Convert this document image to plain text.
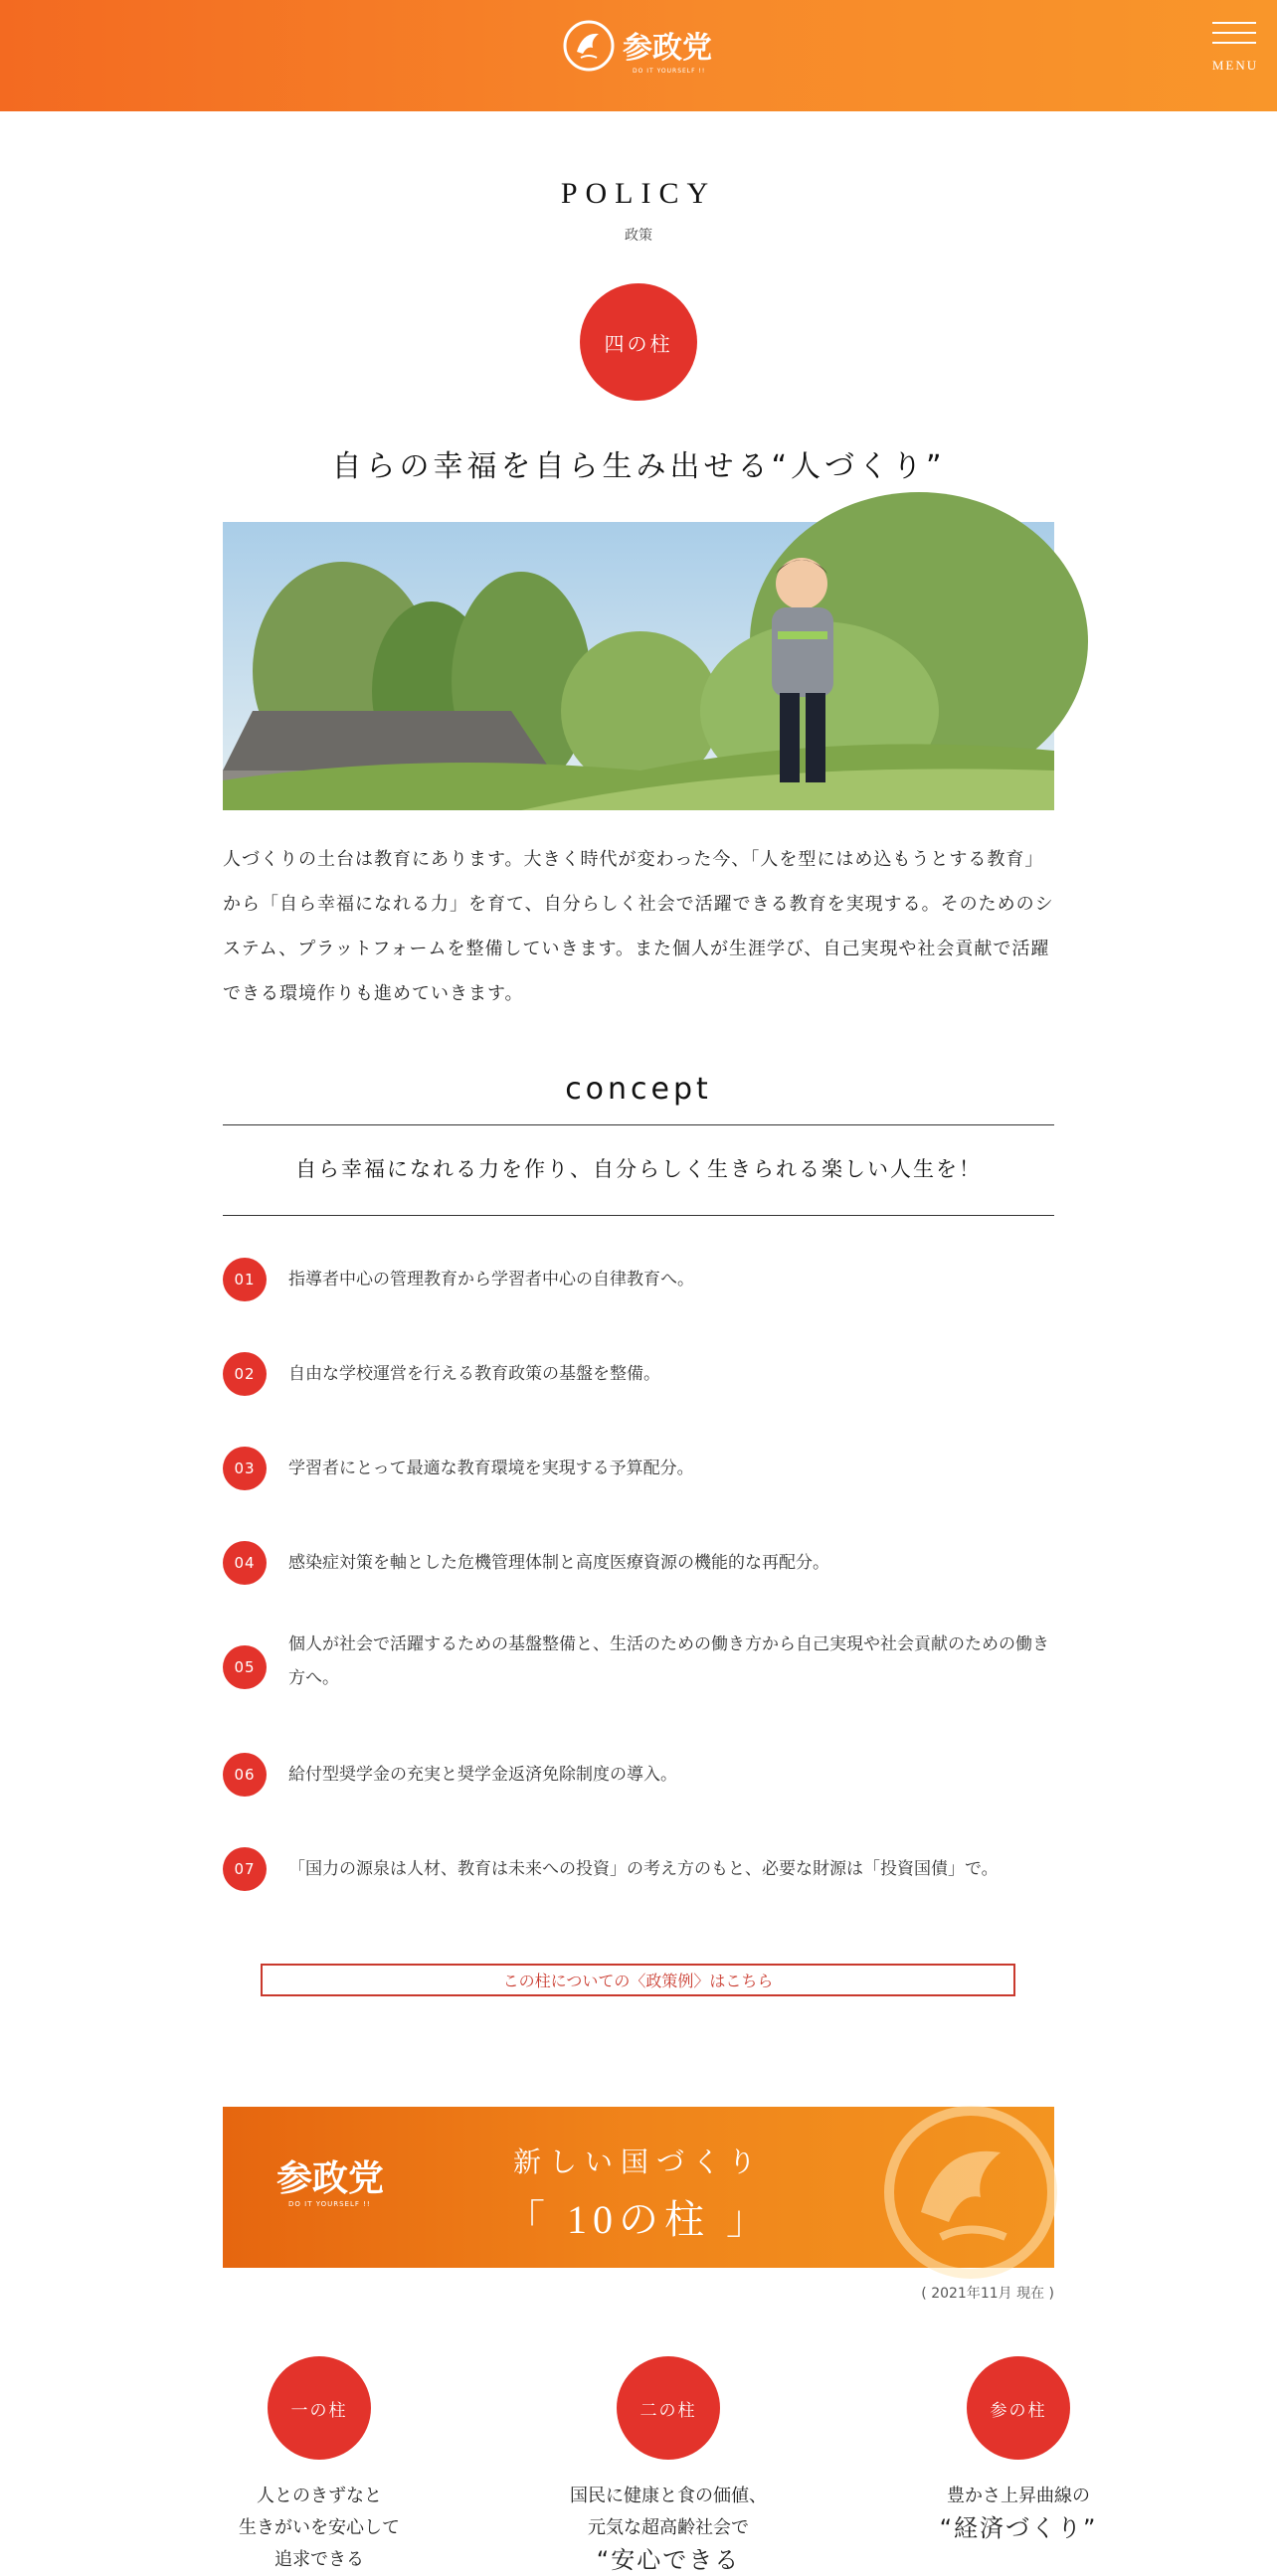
参政党
DO IT YOURSELF !!	MENU
POLICY
政策
四の柱
自らの幸福を自ら生み出せる“人づくり”
人づくりの土台は教育にあります。大きく時代が変わった今、「人を型にはめ込もうとする教育」から「自ら幸福になれる力」を育て、自分らしく社会で活躍できる教育を実現する。そのためのシステム、プラットフォームを整備していきます。また個人が生涯学び、自己実現や社会貢献で活躍できる環境作りも進めていきます。
concept
自ら幸福になれる力を作り、自分らしく生きられる楽しい人生を！
01	指導者中心の管理教育から学習者中心の自律教育へ。
02	自由な学校運営を行える教育政策の基盤を整備。
03	学習者にとって最適な教育環境を実現する予算配分。
04	感染症対策を軸とした危機管理体制と高度医療資源の機能的な再配分。
05
個人が社会で活躍するための基盤整備と、生活のための働き方から自己実現や社会貢献のための働き方へ。
06	給付型奨学金の充実と奨学金返済免除制度の導入。
07	「国力の源泉は人材、教育は未来への投資」の考え方のもと、必要な財源は「投資国債」で。
この柱についての〈政策例〉はこちら
参政党
DO IT YOURSELF !!
新しい国づくり
「 10の柱 」
( 2021年11月 現在 )
一の柱
人とのきずなと
生きがいを安心して
追求できる
二の柱
国民に健康と食の価値、
元気な超高齢社会で
“安心できる
参の柱
豊かさ上昇曲線の
“経済づくり”
